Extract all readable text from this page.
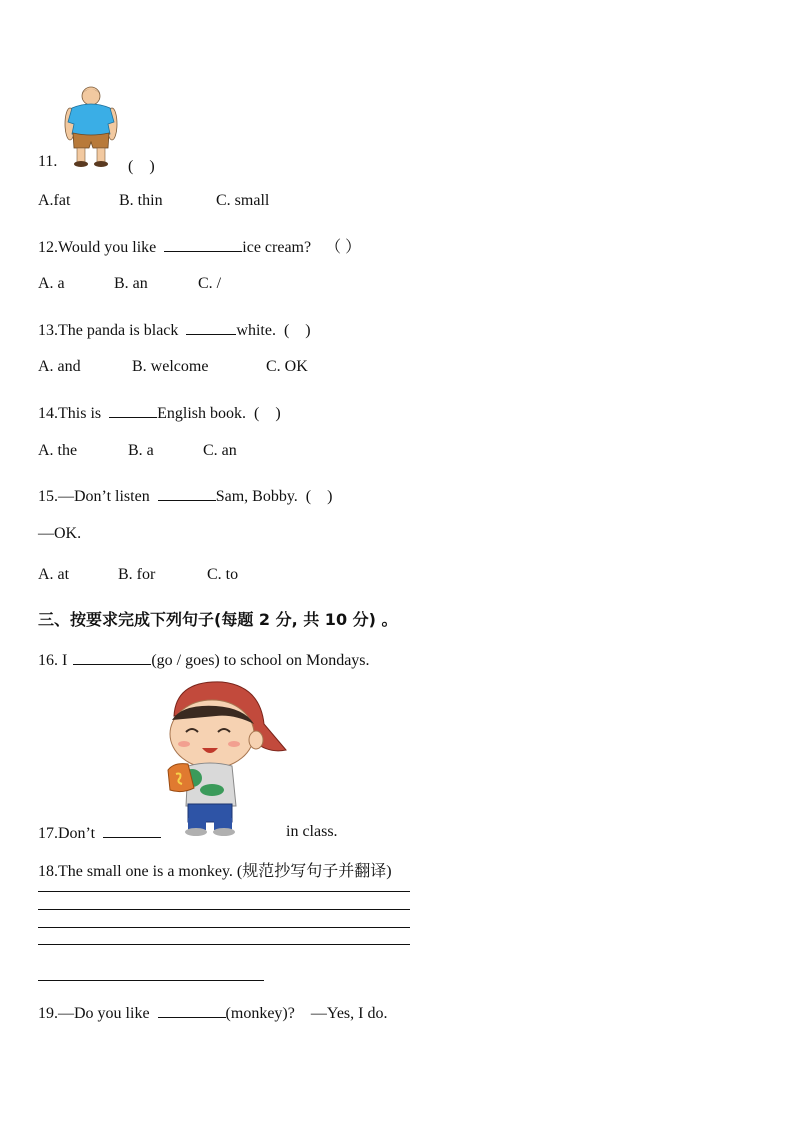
11.	(　)
A.fat	B. thin	C. small
12.Would you like	ice cream? （ ）
A. a	B. an	C. /
13.The panda is black	white. (　)
A. and	B. welcome	C. OK
14.This is	English book. (　)
A. the	B. a	C. an
15.—Don’t listen	Sam, Bobby. (　)
—OK.
A. at	B. for	C. to
三、按要求完成下列句子(每题 2 分, 共 10 分) 。
16. I	(go / goes) to school on Mondays.
17.Don’t	in class.
18.The small one is a monkey. (规范抄写句子并翻译)
19.—Do you like	(monkey)? —Yes, I do.
